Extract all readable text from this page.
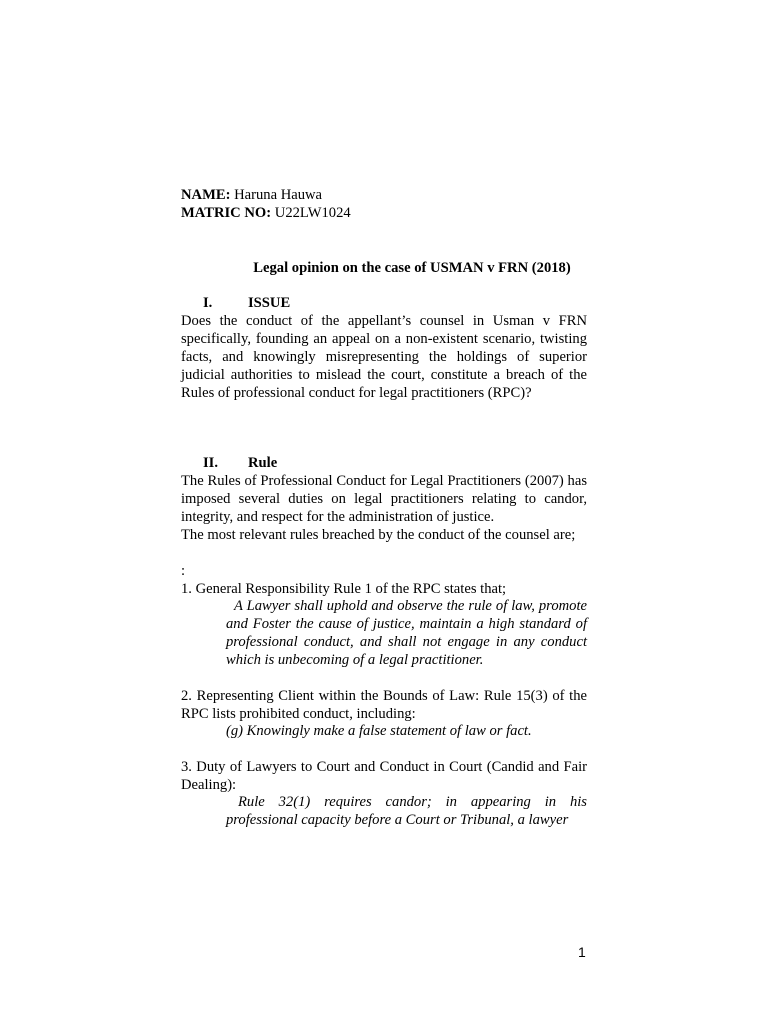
NAME: Haruna Hauwa
MATRIC NO: U22LW1024
Legal opinion on the case of USMAN v FRN (2018)
I. ISSUE
Does the conduct of the appellant’s counsel in Usman v FRN specifically, founding an appeal on a non-existent scenario, twisting facts, and knowingly misrepresenting the holdings of superior judicial authorities to mislead the court, constitute a breach of the Rules of professional conduct for legal practitioners (RPC)?
II. Rule
The Rules of Professional Conduct for Legal Practitioners (2007) has imposed several duties on legal practitioners relating to candor, integrity, and respect for the administration of justice.
The most relevant rules breached by the conduct of the counsel are;
:
1. General Responsibility Rule 1 of the RPC states that;
A Lawyer shall uphold and observe the rule of law, promote and Foster the cause of justice, maintain a high standard of professional conduct, and shall not engage in any conduct which is unbecoming of a legal practitioner.
2. Representing Client within the Bounds of Law: Rule 15(3) of the RPC lists prohibited conduct, including:
(g) Knowingly make a false statement of law or fact.
3. Duty of Lawyers to Court and Conduct in Court (Candid and Fair Dealing):
Rule 32(1) requires candor; in appearing in his professional capacity before a Court or Tribunal, a lawyer
1
